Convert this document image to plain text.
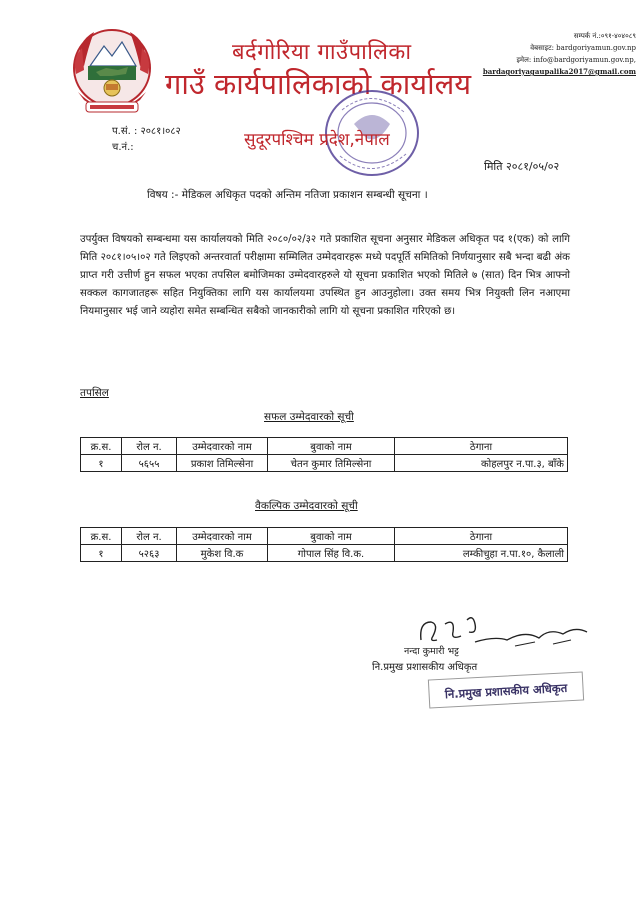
बर्दगोरिया गाउँपालिका
गाउँ कार्यपालिकाको कार्यालय
सम्पर्क नं.:०९१-४०४०८९
वेबसाइट: bardgoriyamun.gov.np
इमेल: info@bardgoriyamun.gov.np,
bardagoriyagaupalika2017@gmail.com
प.सं. : २०८१।०८२
च.नं.:	सुदूरपश्चिम प्रदेश,नेपाल
मिति २०८१/०५/०२
विषय :- मेडिकल अधिकृत पदको अन्तिम नतिजा प्रकाशन सम्बन्धी सूचना ।
उपर्युक्त विषयको सम्बन्धमा यस कार्यालयको मिति २०८०/०२/३२ गते प्रकाशित सूचना अनुसार मेडिकल अधिकृत पद १(एक) को लागि मिति २०८१।०५।०२ गते लिइएको अन्तरवार्ता परीक्षामा सम्मिलित उम्मेदवारहरू मध्ये पदपूर्ति समितिको निर्णयानुसार सबै भन्दा बढी अंक प्राप्त गरी उत्तीर्ण हुन सफल भएका तपसिल बमोजिमका उम्मेदवारहरुले यो सूचना प्रकाशित भएको मितिले ७ (सात) दिन भित्र आफ्नो सक्कल कागजातहरू सहित नियुक्तिका लागि यस कार्यालयमा उपस्थित हुन आउनुहोला। उक्त समय भित्र नियुक्ती लिन नआएमा नियमानुसार भई जाने व्यहोरा समेत सम्बन्धित सबैको जानकारीको लागि यो सूचना प्रकाशित गरिएको छ।
तपसिल
सफल उम्मेदवारको सूची
क्र.स.	रोल न.	उम्मेदवारको नाम	बुवाको नाम	ठेगाना
१	५६५५	प्रकाश तिमिल्सेना	चेतन कुमार तिमिल्सेना	कोहलपुर न.पा.३, बाँके
वैकल्पिक उम्मेदवारको सूची
क्र.स.	रोल न.	उम्मेदवारको नाम	बुवाको नाम	ठेगाना
१	५२६३	मुकेश वि.क	गोपाल सिंह वि.क.	लम्कीचुहा न.पा.१०, कैलाली
नन्दा कुमारी भट्ट
नि.प्रमुख प्रशासकीय अधिकृत
नि.प्रमुख प्रशासकीय अधिकृत
